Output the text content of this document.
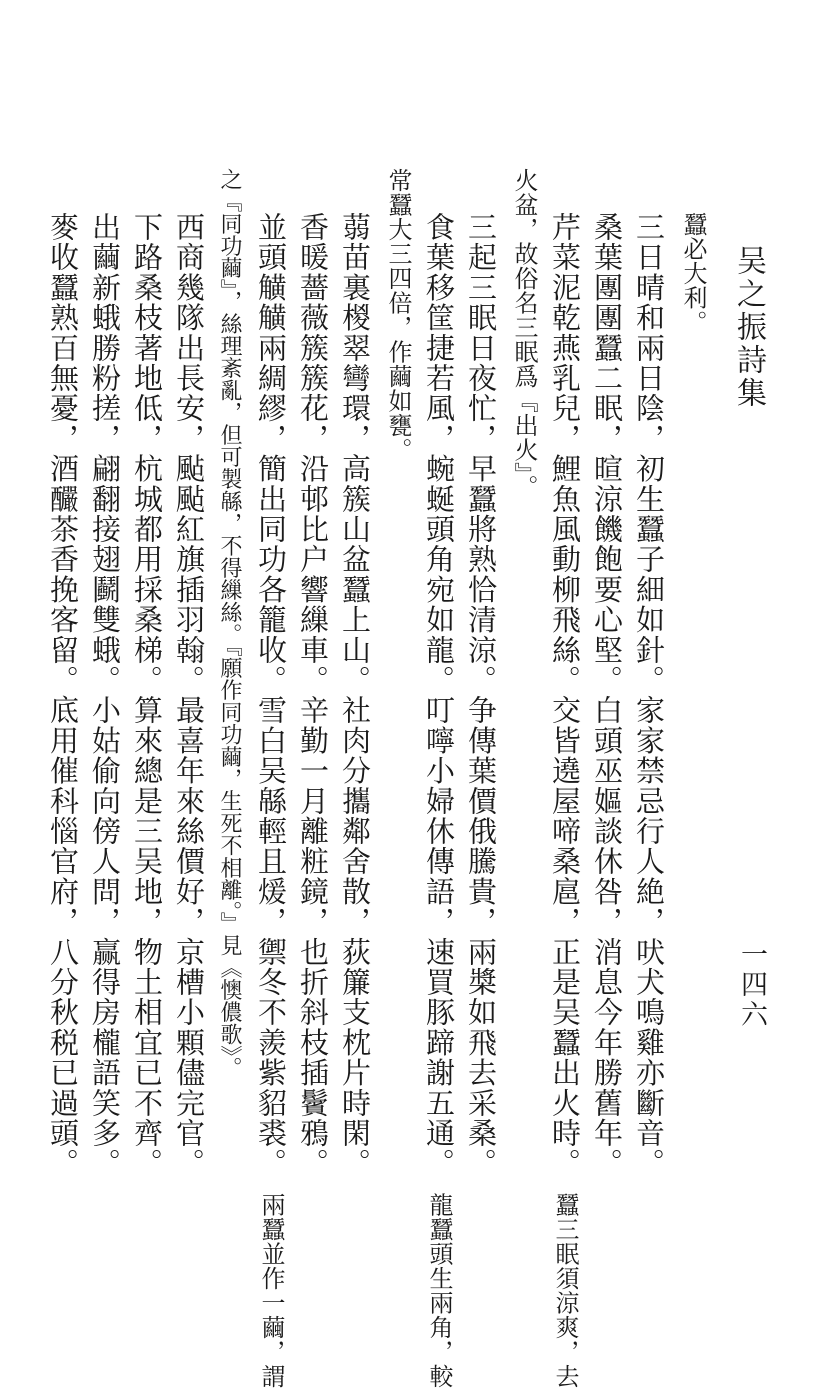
吴之振詩集
一四六
蠶必大利。
三日晴和兩日陰，初生蠶子細如針。家家禁忌行人絶，吠犬鳴雞亦斷音。
桑葉團團蠶二眠，暄涼饑飽要心堅。白頭巫嫗談休咎，消息今年勝舊年。
芹菜泥乾燕乳兒，鯉魚風動柳飛絲。交皆遶屋啼桑扈，正是吴蠶出火時。蠶三眠須涼爽，去
火盆，故俗名三眠爲『出火』。
三起三眠日夜忙，早蠶將熟恰清涼。争傳葉價俄騰貴，兩槳如飛去采桑。
食葉移筐捷若風，蜿蜒頭角宛如龍。叮嚀小婦休傳語，速買豚蹄謝五通。龍蠶頭生兩角，較
常蠶大三四倍，作繭如甕。
蒻苗裏椶翠彎環，高簇山盆蠶上山。社肉分攜鄰舍散，荻簾支枕片時閑。
香暖薔薇簇簇花，沿邨比户響繅車。辛勤一月離粧鏡，也折斜枝插鬢鴉。
並頭觵觵兩綢繆，簡出同功各籠收。雪白吴緜輕且煖，禦冬不羨紫貂裘。兩蠶並作一繭，謂
之『同功繭』，絲理紊亂，但可製緜，不得繅絲。『願作同功繭，生死不相離。』見《懊儂歌》。
西商幾隊出長安，颭颭紅旗插羽翰。最喜年來絲價好，京槽小顆儘完官。
下路桑枝著地低，杭城都用採桑梯。算來總是三吴地，物土相宜已不齊。
出繭新蛾勝粉搓，翩翻接翅鬬雙蛾。小姑偷向傍人問，赢得房櫳語笑多。
麥收蠶熟百無憂，酒釅茶香挽客留。底用催科惱官府，八分秋税已過頭。
